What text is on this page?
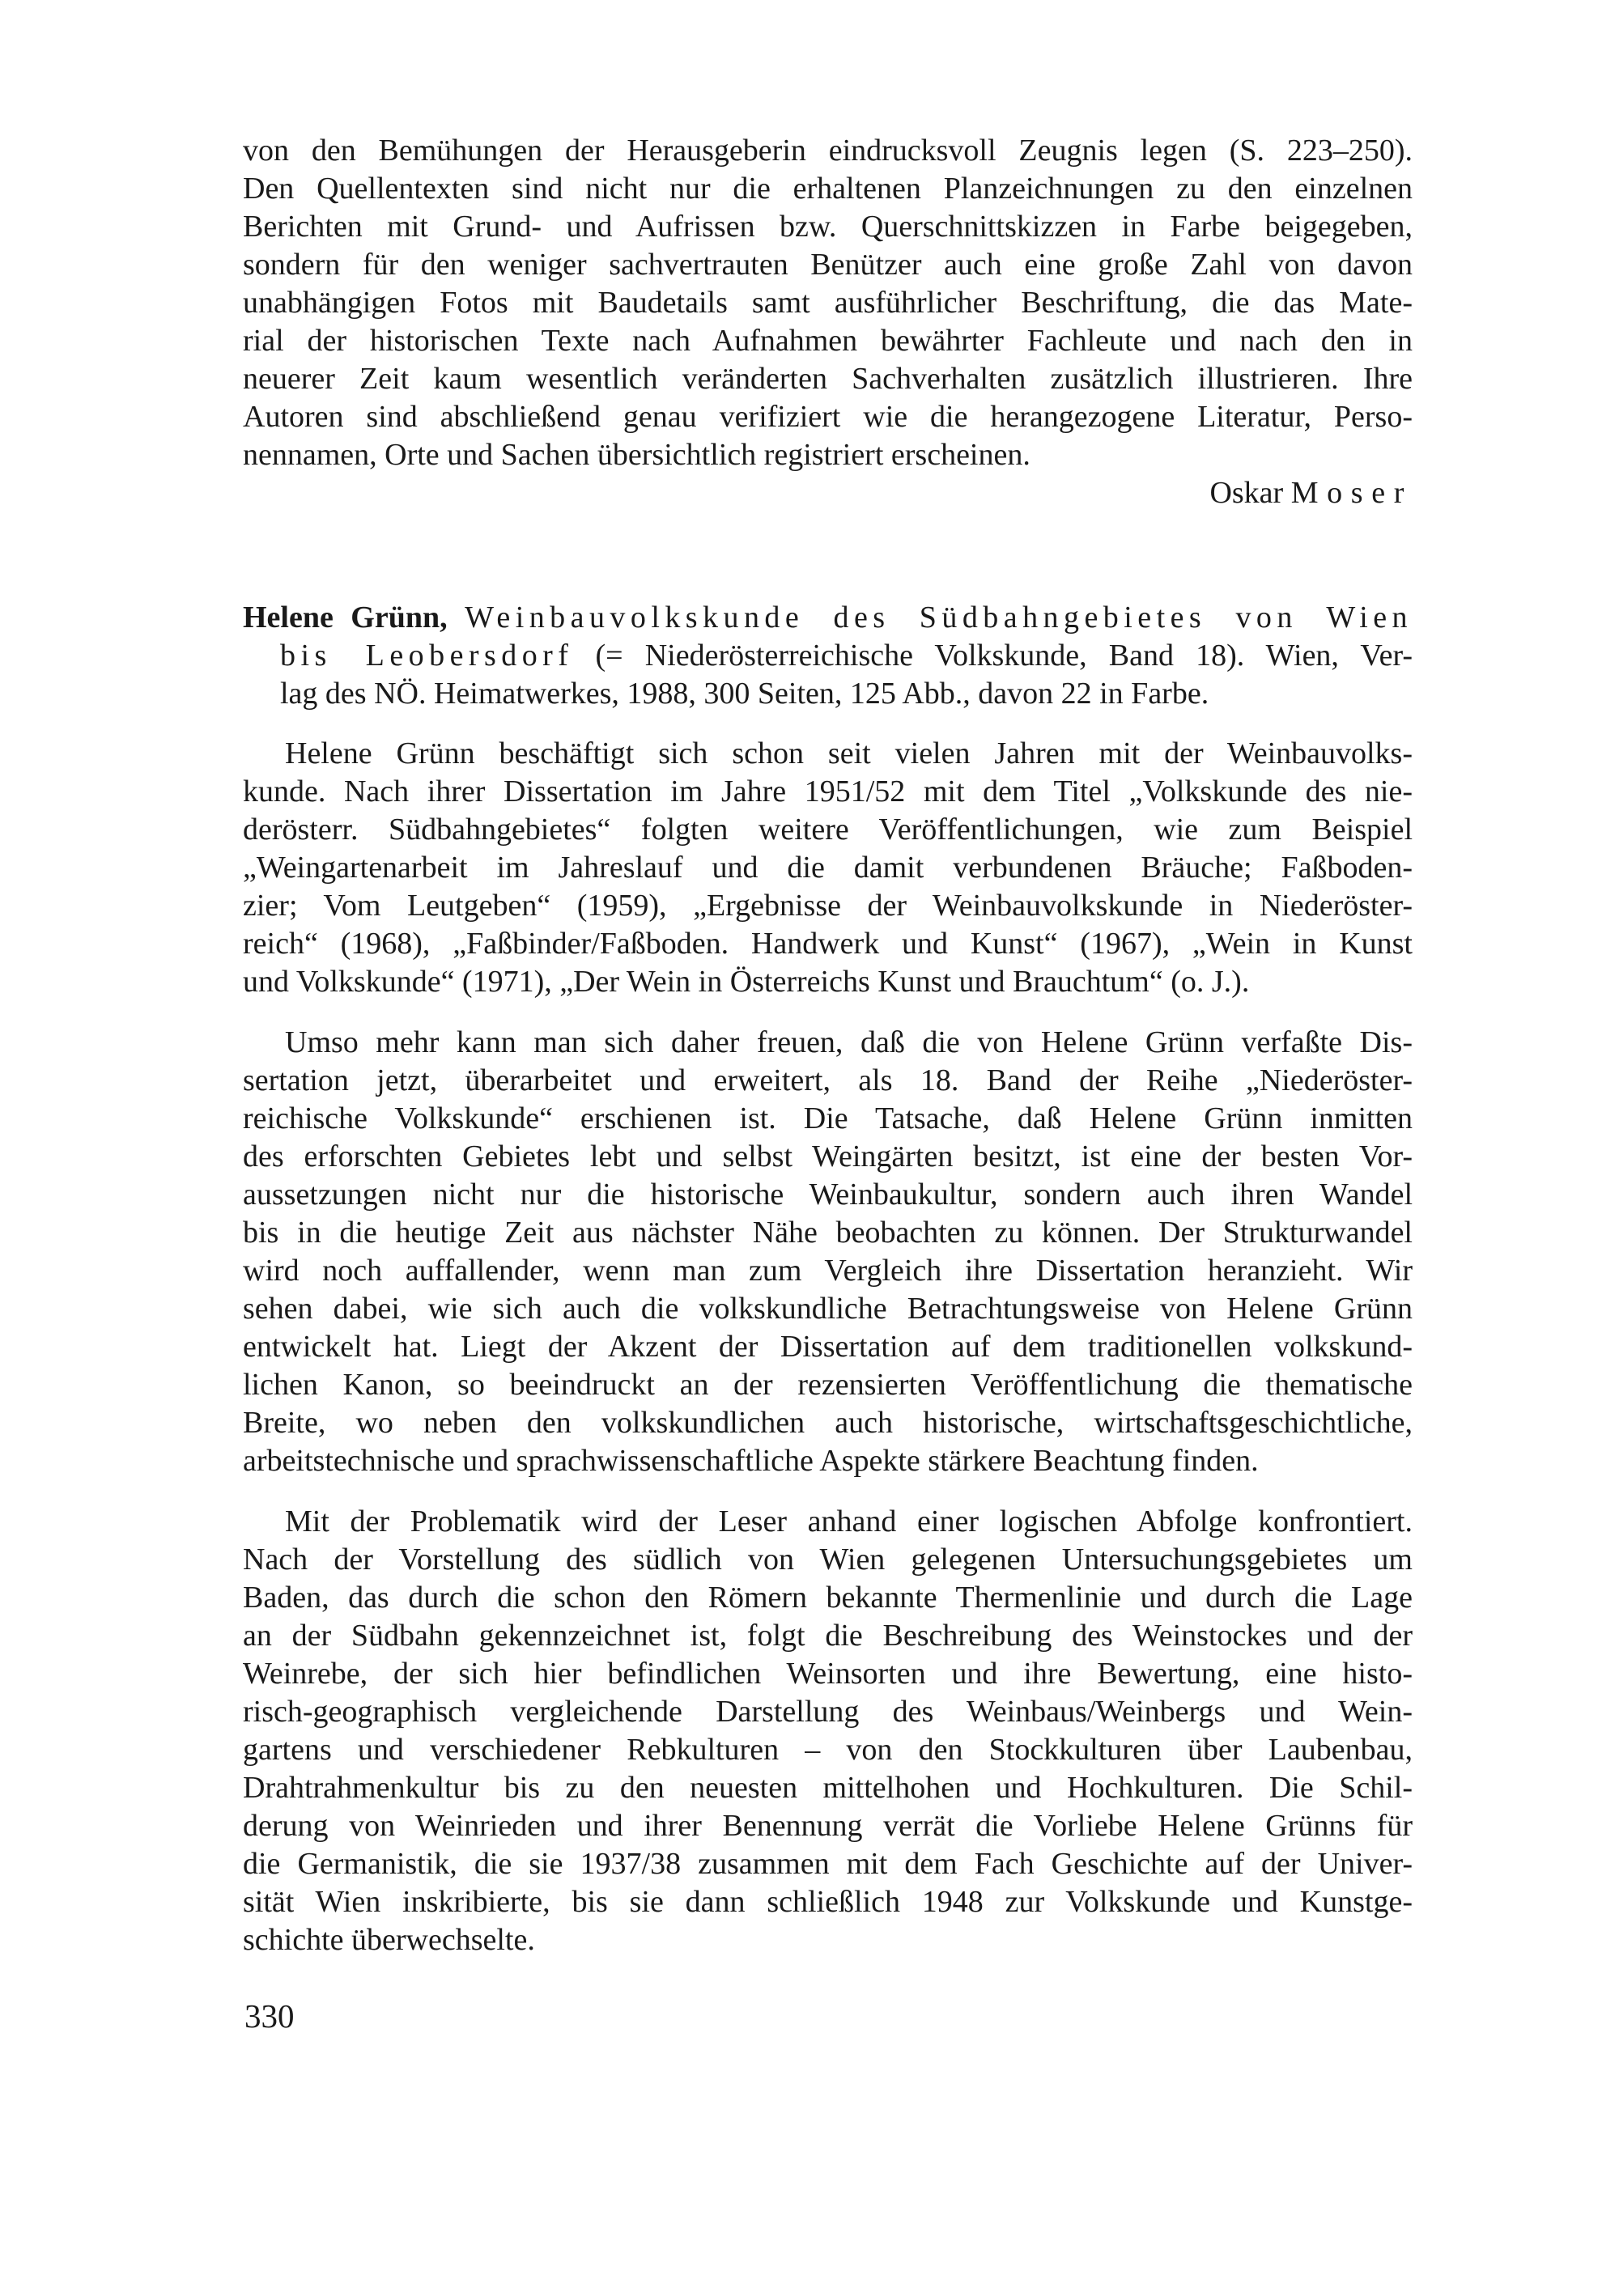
von den Bemühungen der Herausgeberin eindrucksvoll Zeugnis legen (S. 223–250).
Den Quellentexten sind nicht nur die erhaltenen Planzeichnungen zu den einzelnen
Berichten mit Grund- und Aufrissen bzw. Querschnittskizzen in Farbe beigegeben,
sondern für den weniger sachvertrauten Benützer auch eine große Zahl von davon
unabhängigen Fotos mit Baudetails samt ausführlicher Beschriftung, die das Mate-
rial der historischen Texte nach Aufnahmen bewährter Fachleute und nach den in
neuerer Zeit kaum wesentlich veränderten Sachverhalten zusätzlich illustrieren. Ihre
Autoren sind abschließend genau verifiziert wie die herangezogene Literatur, Perso-
nennamen, Orte und Sachen übersichtlich registriert erscheinen.
Oskar Moser
Helene Grünn, Weinbauvolkskunde des Südbahngebietes von Wien
bis Leobersdorf (= Niederösterreichische Volkskunde, Band 18). Wien, Ver-
lag des NÖ. Heimatwerkes, 1988, 300 Seiten, 125 Abb., davon 22 in Farbe.
Helene Grünn beschäftigt sich schon seit vielen Jahren mit der Weinbauvolks-
kunde. Nach ihrer Dissertation im Jahre 1951/52 mit dem Titel „Volkskunde des nie-
derösterr. Südbahngebietes“ folgten weitere Veröffentlichungen, wie zum Beispiel
„Weingartenarbeit im Jahreslauf und die damit verbundenen Bräuche; Faßboden-
zier; Vom Leutgeben“ (1959), „Ergebnisse der Weinbauvolkskunde in Niederöster-
reich“ (1968), „Faßbinder/Faßboden. Handwerk und Kunst“ (1967), „Wein in Kunst
und Volkskunde“ (1971), „Der Wein in Österreichs Kunst und Brauchtum“ (o. J.).
Umso mehr kann man sich daher freuen, daß die von Helene Grünn verfaßte Dis-
sertation jetzt, überarbeitet und erweitert, als 18. Band der Reihe „Niederöster-
reichische Volkskunde“ erschienen ist. Die Tatsache, daß Helene Grünn inmitten
des erforschten Gebietes lebt und selbst Weingärten besitzt, ist eine der besten Vor-
aussetzungen nicht nur die historische Weinbaukultur, sondern auch ihren Wandel
bis in die heutige Zeit aus nächster Nähe beobachten zu können. Der Strukturwandel
wird noch auffallender, wenn man zum Vergleich ihre Dissertation heranzieht. Wir
sehen dabei, wie sich auch die volkskundliche Betrachtungsweise von Helene Grünn
entwickelt hat. Liegt der Akzent der Dissertation auf dem traditionellen volkskund-
lichen Kanon, so beeindruckt an der rezensierten Veröffentlichung die thematische
Breite, wo neben den volkskundlichen auch historische, wirtschaftsgeschichtliche,
arbeitstechnische und sprachwissenschaftliche Aspekte stärkere Beachtung finden.
Mit der Problematik wird der Leser anhand einer logischen Abfolge konfrontiert.
Nach der Vorstellung des südlich von Wien gelegenen Untersuchungsgebietes um
Baden, das durch die schon den Römern bekannte Thermenlinie und durch die Lage
an der Südbahn gekennzeichnet ist, folgt die Beschreibung des Weinstockes und der
Weinrebe, der sich hier befindlichen Weinsorten und ihre Bewertung, eine histo-
risch-geographisch vergleichende Darstellung des Weinbaus/Weinbergs und Wein-
gartens und verschiedener Rebkulturen – von den Stockkulturen über Laubenbau,
Drahtrahmenkultur bis zu den neuesten mittelhohen und Hochkulturen. Die Schil-
derung von Weinrieden und ihrer Benennung verrät die Vorliebe Helene Grünns für
die Germanistik, die sie 1937/38 zusammen mit dem Fach Geschichte auf der Univer-
sität Wien inskribierte, bis sie dann schließlich 1948 zur Volkskunde und Kunstge-
schichte überwechselte.
330
